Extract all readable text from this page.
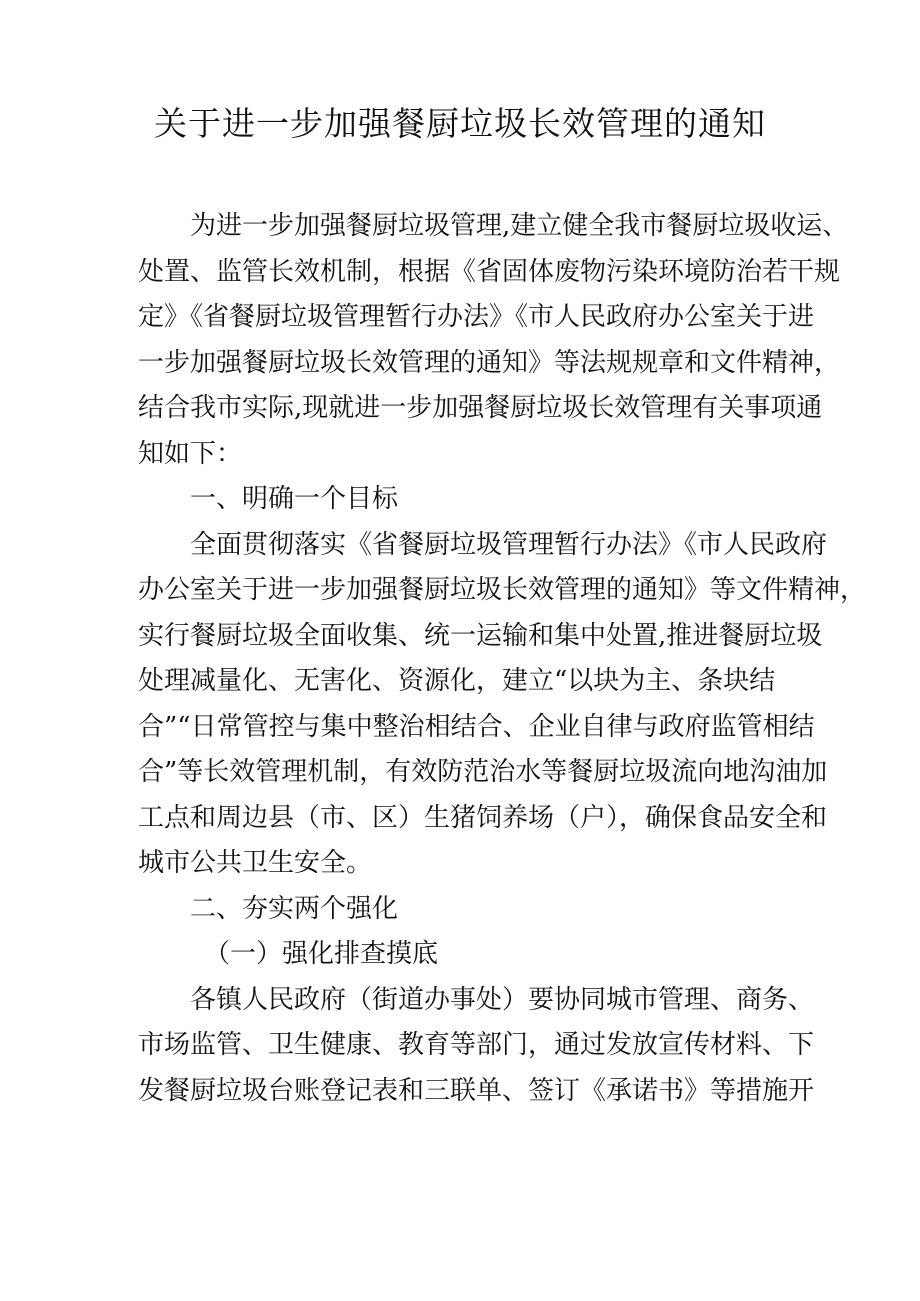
关于进一步加强餐厨垃圾长效管理的通知
为进一步加强餐厨垃圾管理,建立健全我市餐厨垃圾收运、
处置、监管长效机制，根据《省固体废物污染环境防治若干规
定》《省餐厨垃圾管理暂行办法》《市人民政府办公室关于进
一步加强餐厨垃圾长效管理的通知》等法规规章和文件精神，
结合我市实际,现就进一步加强餐厨垃圾长效管理有关事项通
知如下：
一、明确一个目标
全面贯彻落实《省餐厨垃圾管理暂行办法》《市人民政府
办公室关于进一步加强餐厨垃圾长效管理的通知》等文件精神，
实行餐厨垃圾全面收集、统一运输和集中处置,推进餐厨垃圾
处理减量化、无害化、资源化，建立“以块为主、条块结
合”“日常管控与集中整治相结合、企业自律与政府监管相结
合”等长效管理机制，有效防范治水等餐厨垃圾流向地沟油加
工点和周边县（市、区）生猪饲养场（户），确保食品安全和
城市公共卫生安全。
二、夯实两个强化
（一）强化排查摸底
各镇人民政府（街道办事处）要协同城市管理、商务、
市场监管、卫生健康、教育等部门，通过发放宣传材料、下
发餐厨垃圾台账登记表和三联单、签订《承诺书》等措施开
